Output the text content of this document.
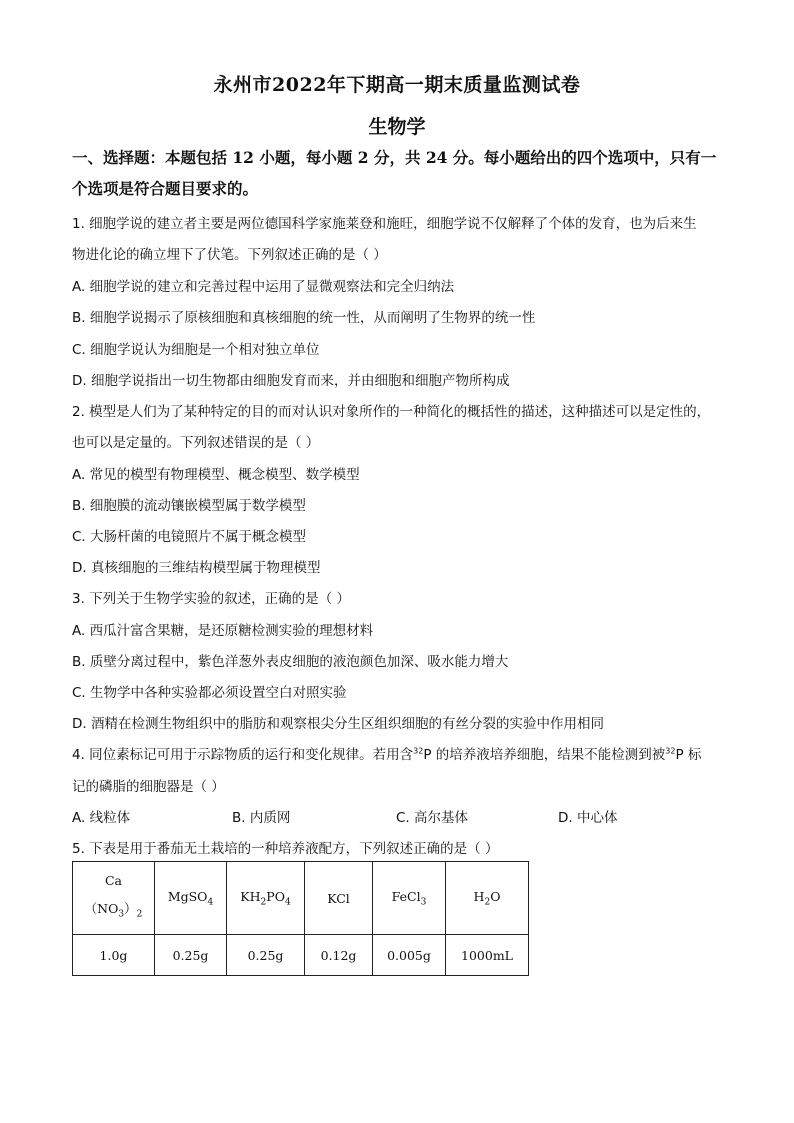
永州市2022年下期高一期末质量监测试卷
生物学
一、选择题：本题包括 12 小题，每小题 2 分，共 24 分。每小题给出的四个选项中，只有一
个选项是符合题目要求的。
1. 细胞学说的建立者主要是两位德国科学家施莱登和施旺，细胞学说不仅解释了个体的发育，也为后来生
物进化论的确立埋下了伏笔。下列叙述正确的是（ ）
A. 细胞学说的建立和完善过程中运用了显微观察法和完全归纳法
B. 细胞学说揭示了原核细胞和真核细胞的统一性，从而阐明了生物界的统一性
C. 细胞学说认为细胞是一个相对独立单位
D. 细胞学说指出一切生物都由细胞发育而来，并由细胞和细胞产物所构成
2. 模型是人们为了某种特定的目的而对认识对象所作的一种简化的概括性的描述，这种描述可以是定性的，
也可以是定量的。下列叙述错误的是（ ）
A. 常见的模型有物理模型、概念模型、数学模型
B. 细胞膜的流动镶嵌模型属于数学模型
C. 大肠杆菌的电镜照片不属于概念模型
D. 真核细胞的三维结构模型属于物理模型
3. 下列关于生物学实验的叙述，正确的是（ ）
A. 西瓜汁富含果糖，是还原糖检测实验的理想材料
B. 质壁分离过程中，紫色洋葱外表皮细胞的液泡颜色加深、吸水能力增大
C. 生物学中各种实验都必须设置空白对照实验
D. 酒精在检测生物组织中的脂肪和观察根尖分生区组织细胞的有丝分裂的实验中作用相同
4. 同位素标记可用于示踪物质的运行和变化规律。若用含$^{32}$P 的培养液培养细胞，结果不能检测到被$^{32}$P 标
记的磷脂的细胞器是（ ）
A. 线粒体	B. 内质网	C. 高尔基体	D. 中心体
5. 下表是用于番茄无土栽培的一种培养液配方，下列叙述正确的是（ ）
Ca
$(NO_3)_2$	MgSO$_4$	$KH_2PO_4$	KCl	FeCl$_3$	$H_2O$
1.0g	0.25g	0.25g	0.12g	0.005g	1000mL
